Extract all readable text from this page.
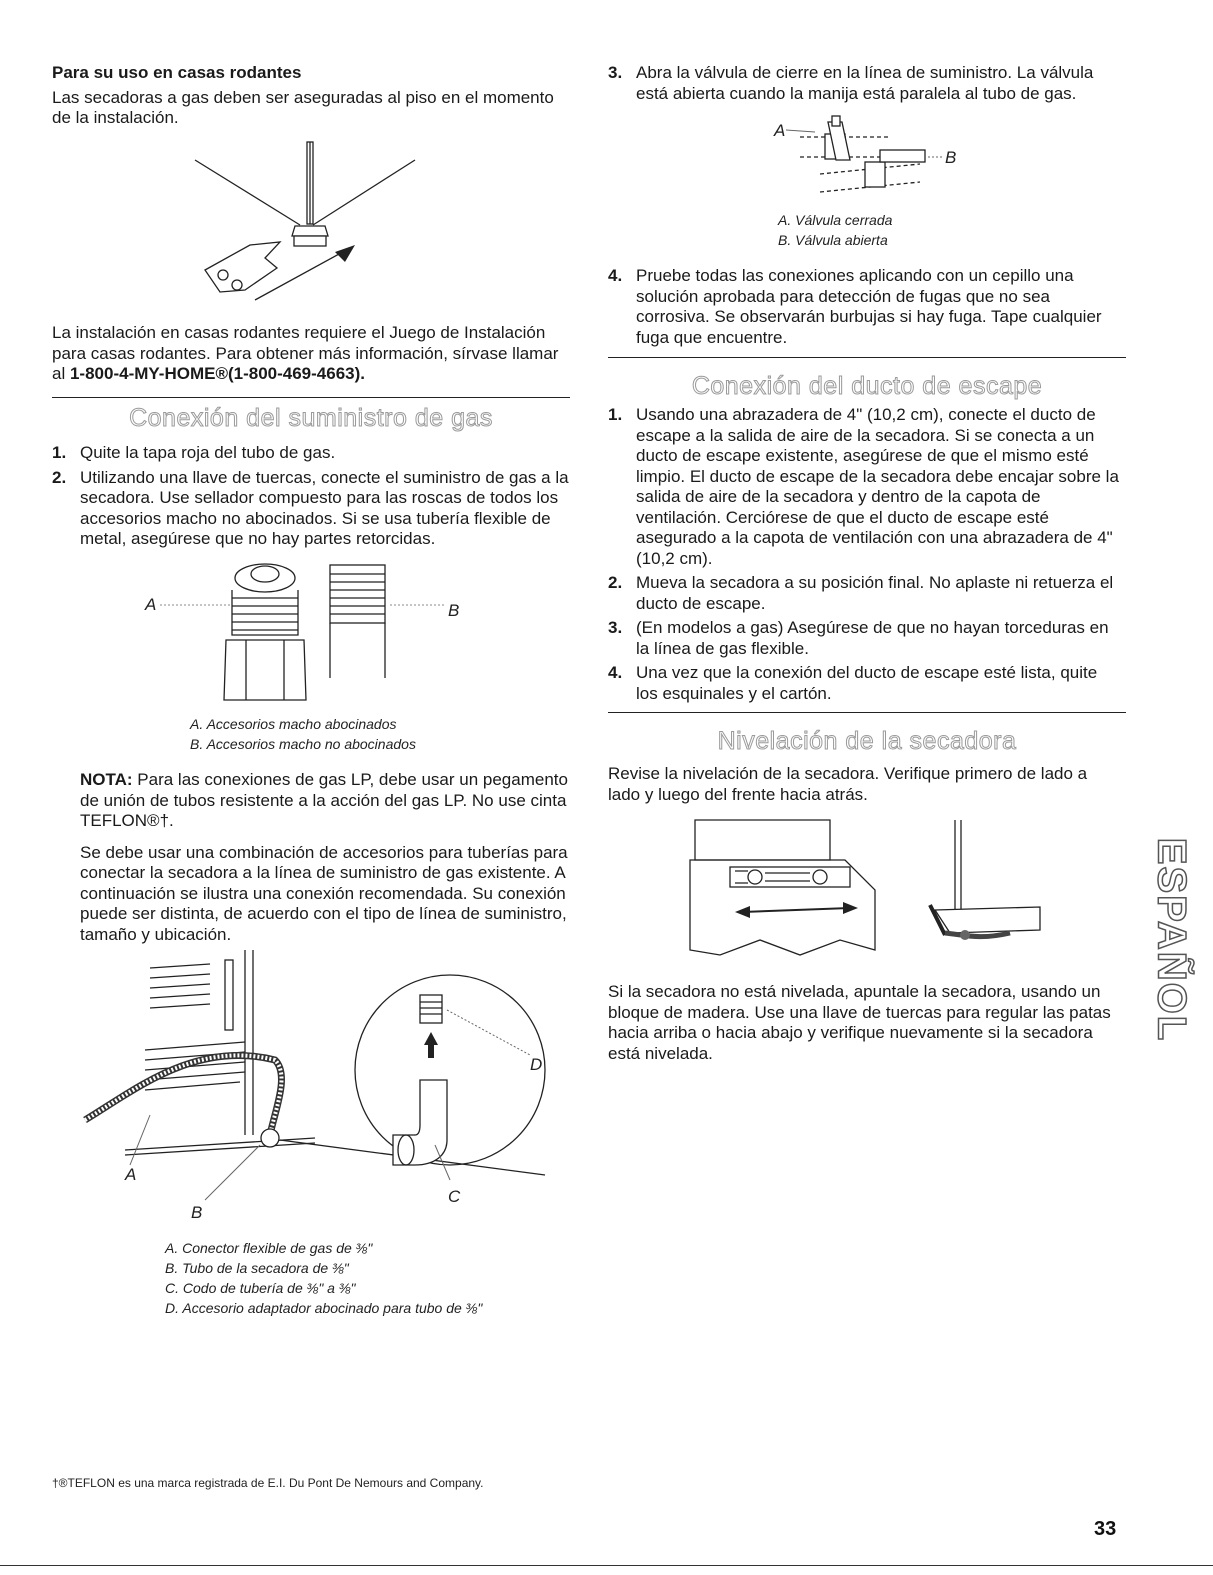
Para su uso en casas rodantes

Las secadoras a gas deben ser aseguradas al piso en el momento de la instalación.

La instalación en casas rodantes requiere el Juego de Instalación para casas rodantes. Para obtener más información, sírvase llamar al 1-800-4-MY-HOME®(1-800-469-4663).

Conexión del suministro de gas
1. Quite la tapa roja del tubo de gas.
2. Utilizando una llave de tuercas, conecte el suministro de gas a la secadora. Use sellador compuesto para las roscas de todos los accesorios macho no abocinados. Si se usa tubería flexible de metal, asegúrese que no hay partes retorcidas.
A	B

A. Accesorios macho abocinados

B. Accesorios macho no abocinados

NOTA: Para las conexiones de gas LP, debe usar un pegamento de unión de tubos resistente a la acción del gas LP. No use cinta TEFLON®†.

Se debe usar una combinación de accesorios para tuberías para conectar la secadora a la línea de suministro de gas existente. A continuación se ilustra una conexión recomendada. Su conexión puede ser distinta, de acuerdo con el tipo de línea de suministro, tamaño y ubicación.

D
A
B
C

A. Conector flexible de gas de ⅜"

B. Tubo de la secadora de ⅜"

C. Codo de tubería de ⅜" a ⅜"

D. Accesorio adaptador abocinado para tubo de ⅜"

†®TEFLON es una marca registrada de E.I. Du Pont De Nemours and Company.

3. Abra la válvula de cierre en la línea de suministro. La válvula está abierta cuando la manija está paralela al tubo de gas.
A
B

A. Válvula cerrada

B. Válvula abierta

4. Pruebe todas las conexiones aplicando con un cepillo una solución aprobada para detección de fugas que no sea corrosiva. Se observarán burbujas si hay fuga. Tape cualquier fuga que encuentre.
Conexión del ducto de escape
1. Usando una abrazadera de 4" (10,2 cm), conecte el ducto de escape a la salida de aire de la secadora. Si se conecta a un ducto de escape existente, asegúrese de que el mismo esté limpio. El ducto de escape de la secadora debe encajar sobre la salida de aire de la secadora y dentro de la capota de ventilación. Cerciórese de que el ducto de escape esté asegurado a la capota de ventilación con una abrazadera de 4" (10,2 cm).
2. Mueva la secadora a su posición final. No aplaste ni retuerza el ducto de escape.
3. (En modelos a gas) Asegúrese de que no hayan torceduras en la línea de gas flexible.
4. Una vez que la conexión del ducto de escape esté lista, quite los esquinales y el cartón.
Nivelación de la secadora

Revise la nivelación de la secadora. Verifique primero de lado a lado y luego del frente hacia atrás.

Si la secadora no está nivelada, apuntale la secadora, usando un bloque de madera. Use una llave de tuercas para regular las patas hacia arriba o hacia abajo y verifique nuevamente si la secadora está nivelada.

ESPAÑOL
33
